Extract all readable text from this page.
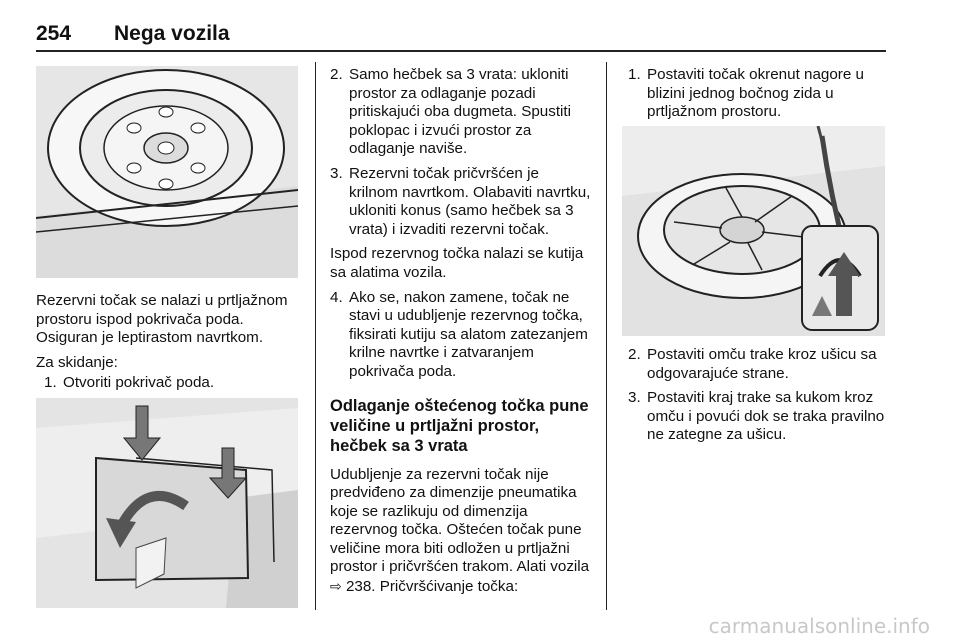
254 Nega vozila

Rezervni točak se nalazi u prtljažnom prostoru ispod pokrivača poda. Osiguran je leptirastom navrtkom.

Za skidanje:

1. Otvoriti pokrivač poda.
2. Samo hečbek sa 3 vrata: ukloniti prostor za odlaganje pozadi pritiskajući oba dugmeta. Spustiti poklopac i izvući prostor za odlaganje naviše.
3. Rezervni točak pričvršćen je krilnom navrtkom. Olabaviti navrtku, ukloniti konus (samo hečbek sa 3 vrata) i izvaditi rezervni točak.

Ispod rezervnog točka nalazi se kutija sa alatima vozila.

4. Ako se, nakon zamene, točak ne stavi u udubljenje rezervnog točka, fiksirati kutiju sa alatom zatezanjem krilne navrtke i zatvaranjem pokrivača poda.
Odlaganje oštećenog točka pune veličine u prtljažni prostor, hečbek sa 3 vrata

Udubljenje za rezervni točak nije predviđeno za dimenzije pneumatika koje se razlikuju od dimenzija rezervnog točka. Oštećen točak pune veličine mora biti odložen u prtljažni prostor i pričvršćen trakom. Alati vozila ⇨ 238. Pričvršćivanje točka:

1. Postaviti točak okrenut nagore u blizini jednog bočnog zida u prtljažnom prostoru.
2. Postaviti omču trake kroz ušicu sa odgovarajuće strane.
3. Postaviti kraj trake sa kukom kroz omču i povući dok se traka pravilno ne zategne za ušicu.
carmanualsonline.info
